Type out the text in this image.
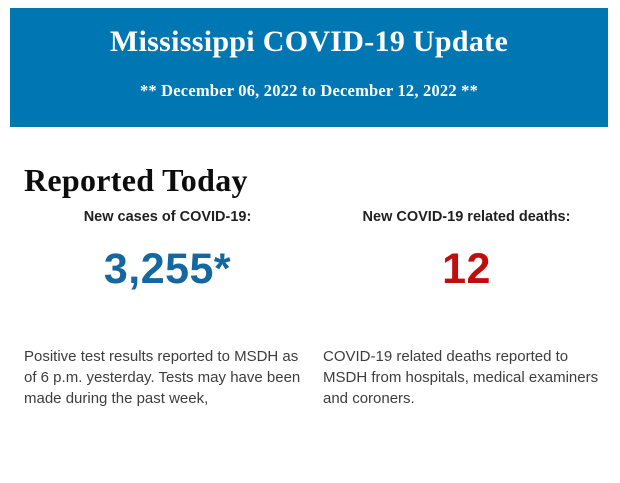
Mississippi COVID-19 Update
** December 06, 2022 to December 12, 2022 **
Reported Today
New cases of COVID-19:
3,255*
Positive test results reported to MSDH as of 6 p.m. yesterday. Tests may have been made during the past week,
New COVID-19 related deaths:
12
COVID-19 related deaths reported to MSDH from hospitals, medical examiners and coroners.
